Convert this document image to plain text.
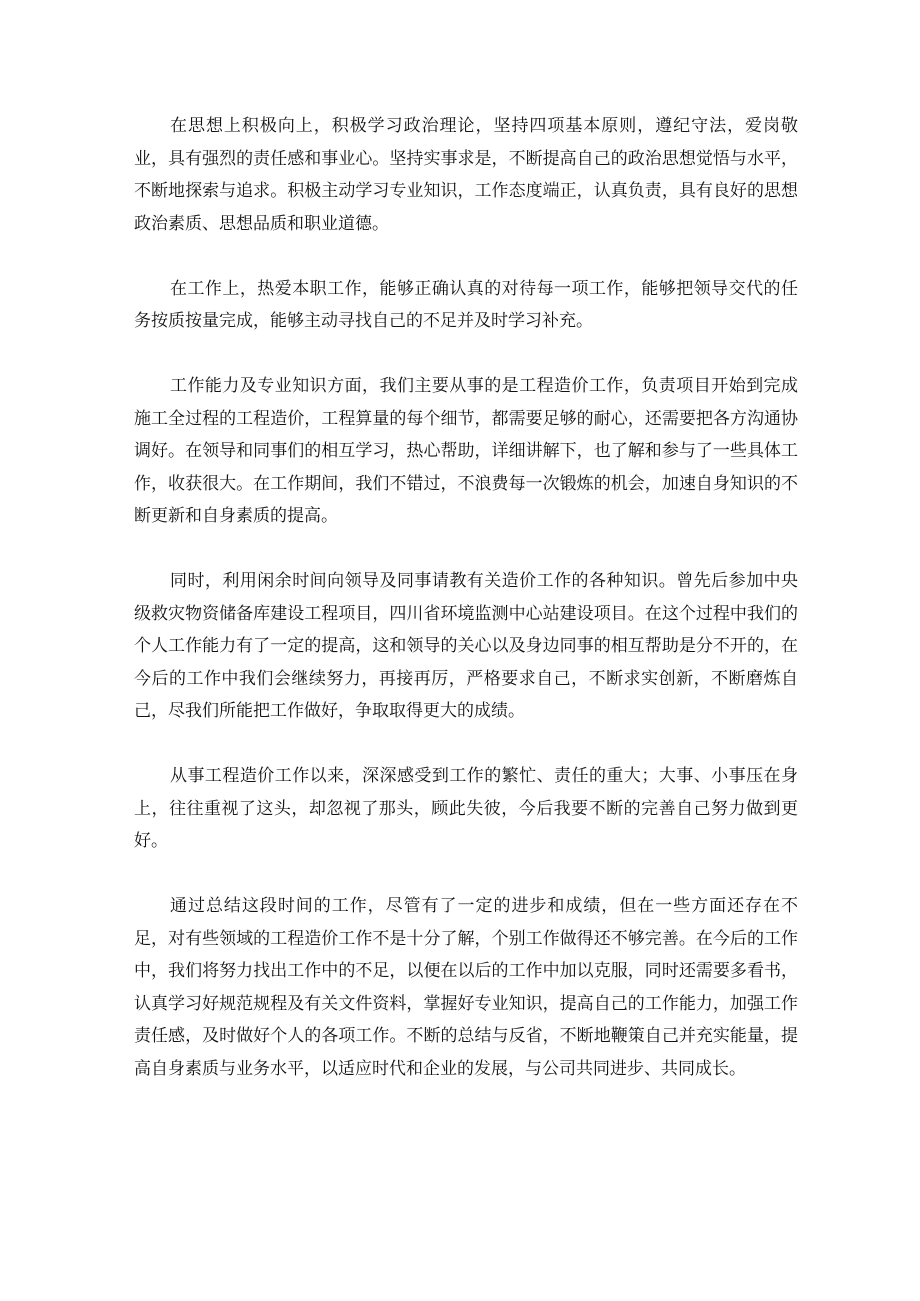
在思想上积极向上，积极学习政治理论，坚持四项基本原则，遵纪守法，爱岗敬业，具有强烈的责任感和事业心。坚持实事求是，不断提高自己的政治思想觉悟与水平，不断地探索与追求。积极主动学习专业知识，工作态度端正，认真负责，具有良好的思想政治素质、思想品质和职业道德。

在工作上，热爱本职工作，能够正确认真的对待每一项工作，能够把领导交代的任务按质按量完成，能够主动寻找自己的不足并及时学习补充。

工作能力及专业知识方面，我们主要从事的是工程造价工作，负责项目开始到完成施工全过程的工程造价，工程算量的每个细节，都需要足够的耐心，还需要把各方沟通协调好。在领导和同事们的相互学习，热心帮助，详细讲解下，也了解和参与了一些具体工作，收获很大。在工作期间，我们不错过，不浪费每一次锻炼的机会，加速自身知识的不断更新和自身素质的提高。

同时，利用闲余时间向领导及同事请教有关造价工作的各种知识。曾先后参加中央级救灾物资储备库建设工程项目，四川省环境监测中心站建设项目。在这个过程中我们的个人工作能力有了一定的提高，这和领导的关心以及身边同事的相互帮助是分不开的，在今后的工作中我们会继续努力，再接再厉，严格要求自己，不断求实创新，不断磨炼自己，尽我们所能把工作做好，争取取得更大的成绩。

从事工程造价工作以来，深深感受到工作的繁忙、责任的重大；大事、小事压在身上，往往重视了这头，却忽视了那头，顾此失彼，今后我要不断的完善自己努力做到更好。

通过总结这段时间的工作，尽管有了一定的进步和成绩，但在一些方面还存在不足，对有些领域的工程造价工作不是十分了解，个别工作做得还不够完善。在今后的工作中，我们将努力找出工作中的不足，以便在以后的工作中加以克服，同时还需要多看书，认真学习好规范规程及有关文件资料，掌握好专业知识，提高自己的工作能力，加强工作责任感，及时做好个人的各项工作。不断的总结与反省，不断地鞭策自己并充实能量，提高自身素质与业务水平，以适应时代和企业的发展，与公司共同进步、共同成长。
